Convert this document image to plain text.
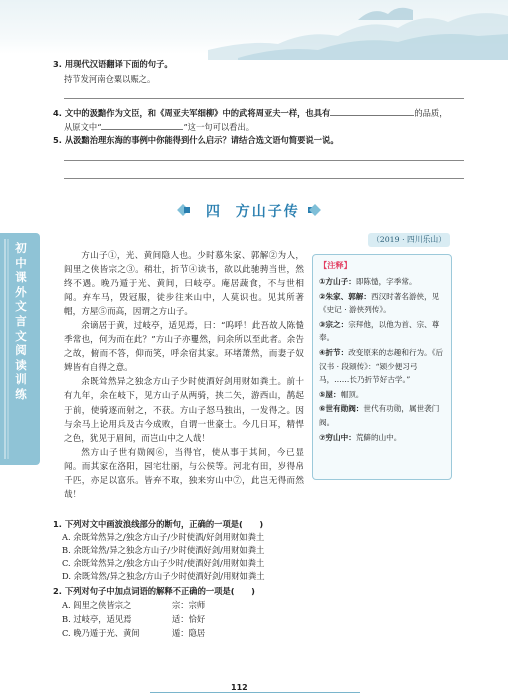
初中课外文言文阅读训练
3. 用现代汉语翻译下面的句子。
持节发河南仓粟以赈之。
4. 文中的汲黯作为文臣，和《周亚夫军细柳》中的武将周亚夫一样，也具有	的品质，
从原文中“	”这一句可以看出。
5. 从汲黯治理东海的事例中你能得到什么启示？请结合选文语句简要说一说。
四 方山子传
（2019 · 四川乐山）

方山子①，光、黄间隐人也。少时慕朱家、郭解②为人，闾里之侠皆宗之③。稍壮，折节④读书，欲以此驰骋当世，然终不遇。晚乃遁于光、黄间，曰岐亭。庵居蔬食，不与世相闻。弃车马，毁冠服，徒步往来山中，人莫识也。见其所著帽，方屋⑤而高，因谓之方山子。

余谪居于黄，过岐亭，适见焉，曰：“呜呼！此吾故人陈慥季常也，何为而在此？”方山子亦矍然，问余所以至此者。余告之故，俯而不答，仰而笑，呼余宿其家。环堵萧然，而妻子奴婢皆有自得之意。

余既耸然异之独念方山子少时使酒好剑用财如粪土。前十有九年，余在岐下，见方山子从两骑，挟二矢，游西山，鹊起于前，使骑逐而射之，不获。方山子怒马独出，一发得之。因与余马上论用兵及古今成败，自谓一世豪士。今几日耳，精悍之色，犹见于眉间，而岂山中之人哉！

然方山子世有勋阀⑥，当得官，使从事于其间，今已显闻。而其家在洛阳，园宅壮丽，与公侯等。河北有田，岁得帛千匹，亦足以富乐。皆弃不取，独来穷山中⑦，此岂无得而然哉！

【注释】
①方山子：即陈慥，字季常。
②朱家、郭解：西汉时著名游侠，见《史记 · 游侠列传》。
③宗之：宗拜他，以他为首、宗、尊奉。
④折节：改变原来的志趣和行为。《后汉书 · 段颎传》：“颎少便习弓马，……长乃折节好古学。”
⑤屋：帽顶。
⑥世有勋阀：世代有功勋，属世袭门阀。
⑦穷山中：荒僻的山中。
1. 下列对文中画波浪线部分的断句，正确的一项是(　　)
A. 余既耸然异之/独念方山子/少时使酒/好剑用财如粪土
B. 余既耸然/异之独念方山子/少时使酒好剑/用财如粪土
C. 余既耸然异之/独念方山子少时/使酒好剑/用财如粪土
D. 余既耸然/异之独念/方山子少时使酒好剑/用财如粪土
2. 下列对句子中加点词语的解释不正确的一项是(　　)
A. 闾里之侠皆宗之	宗：宗师
B. 过岐亭，适见焉	适：恰好
C. 晚乃遁于光、黄间	遁：隐居
112
